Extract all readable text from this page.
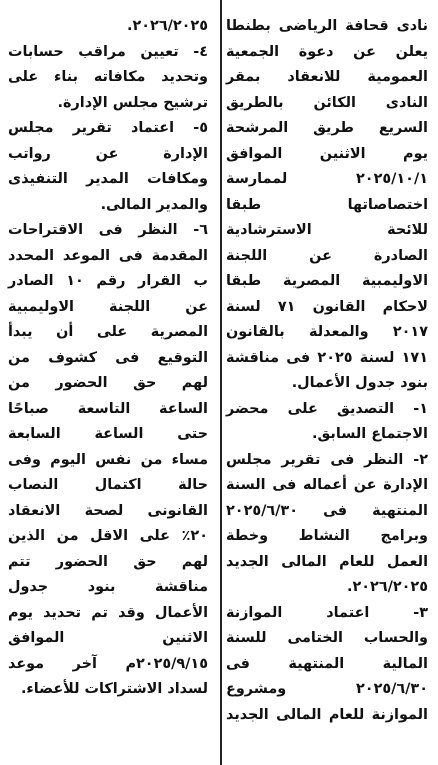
نادى قحافة الرياضى بطنطا
يعلن عن دعوة الجمعية
العمومية للانعقاد بمقر
النادى الكائن بالطريق
السريع طريق المرشحة
يوم الاثنين الموافق
٢٠٢٥/١٠/١ لممارسة
اختصاصاتها طبقا
للائحة الاسترشادية
الصادرة عن اللجنة
الاوليمبية المصرية طبقا
لاحكام القانون ٧١ لسنة
٢٠١٧ والمعدلة بالقانون
١٧١ لسنة ٢٠٢٥ فى مناقشة
بنود جدول الأعمال.
١- التصديق على محضر
الاجتماع السابق.
٢- النظر فى تقرير مجلس
الإدارة عن أعماله فى السنة
المنتهية فى ٢٠٢٥/٦/٣٠
وبرامج النشاط وخطة
العمل للعام المالى الجديد
٢٠٢٦/٢٠٢٥.
٣- اعتماد الموازنة
والحساب الختامى للسنة
المالية المنتهية فى
٢٠٢٥/٦/٣٠ ومشروع
الموازنة للعام المالى الجديد
٢٠٢٦/٢٠٢٥.
٤- تعيين مراقب حسابات
وتحديد مكافاته بناء على
ترشيح مجلس الإدارة.
٥- اعتماد تقرير مجلس
الإدارة عن رواتب
ومكافات المدير التنفيذى
والمدير المالى.
٦- النظر فى الاقتراحات
المقدمة فى الموعد المحدد
ب القرار رقم ١٠ الصادر
عن اللجنة الاوليمبية
المصرية على أن يبدأ
التوقيع فى كشوف من
لهم حق الحضور من
الساعة التاسعة صباحًا
حتى الساعة السابعة
مساء من نفس اليوم وفى
حالة اكتمال النصاب
القانونى لصحة الانعقاد
٢٠٪ على الاقل من الذين
لهم حق الحضور تتم
مناقشة بنود جدول
الأعمال وقد تم تحديد يوم
الاثنين الموافق
٢٠٢٥/٩/١٥م آخر موعد
لسداد الاشتراكات للأعضاء.
